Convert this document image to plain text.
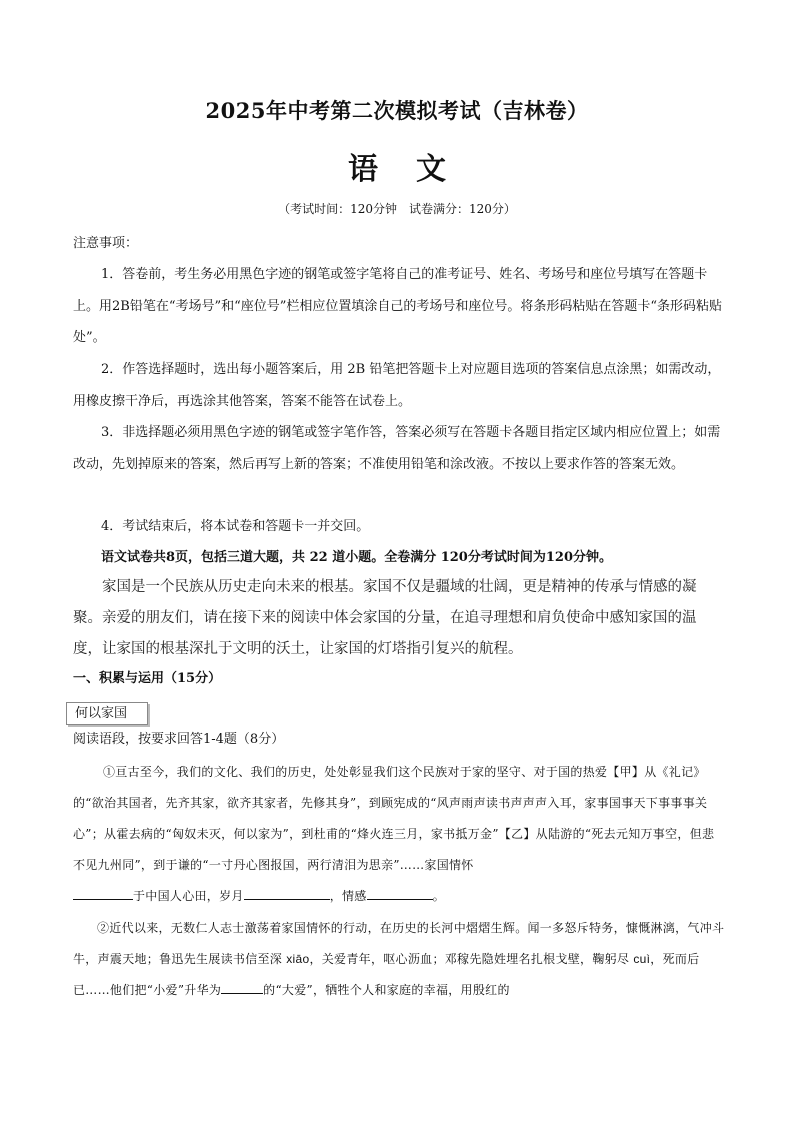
2025年中考第二次模拟考试（吉林卷）
语文
（考试时间：120分钟　试卷满分：120分）
注意事项：
1．答卷前，考生务必用黑色字迹的钢笔或签字笔将自己的准考证号、姓名、考场号和座位号填写在答题卡上。用2B铅笔在“考场号”和“座位号”栏相应位置填涂自己的考场号和座位号。将条形码粘贴在答题卡“条形码粘贴处”。
2．作答选择题时，选出每小题答案后，用 2B 铅笔把答题卡上对应题目选项的答案信息点涂黑；如需改动，用橡皮擦干净后，再选涂其他答案，答案不能答在试卷上。
3．非选择题必须用黑色字迹的钢笔或签字笔作答，答案必须写在答题卡各题目指定区域内相应位置上；如需改动，先划掉原来的答案，然后再写上新的答案；不准使用铅笔和涂改液。不按以上要求作答的答案无效。
4．考试结束后，将本试卷和答题卡一并交回。
语文试卷共8页，包括三道大题，共 22 道小题。全卷满分 120分考试时间为120分钟。
家国是一个民族从历史走向未来的根基。家国不仅是疆域的壮阔，更是精神的传承与情感的凝聚。亲爱的朋友们，请在接下来的阅读中体会家国的分量，在追寻理想和肩负使命中感知家国的温度，让家国的根基深扎于文明的沃土，让家国的灯塔指引复兴的航程。
一、积累与运用（15分）
何以家国
阅读语段，按要求回答1-4题（8分）
①亘古至今，我们的文化、我们的历史，处处彰显我们这个民族对于家的坚守、对于国的热爱【甲】从《礼记》的“欲治其国者，先齐其家，欲齐其家者，先修其身”，到顾宪成的“风声雨声读书声声声入耳，家事国事天下事事事关心”；从霍去病的“匈奴未灭，何以家为”，到杜甫的“烽火连三月，家书抵万金”【乙】从陆游的“死去元知万事空，但悲不见九州同”，到于谦的“一寸丹心图报国，两行清泪为思亲”……家国情怀
于中国人心田，岁月	，情感	。
②近代以来，无数仁人志士激荡着家国情怀的行动，在历史的长河中熠熠生辉。闻一多怒斥特务，慷慨淋漓，气冲斗牛，声震天地；鲁迅先生展读书信至深 xiāo，关爱青年，呕心沥血；邓稼先隐姓埋名扎根戈壁，鞠躬尽 cuì，死而后已……他们把“小爱”升华为	的“大爱”，牺牲个人和家庭的幸福，用殷红的
